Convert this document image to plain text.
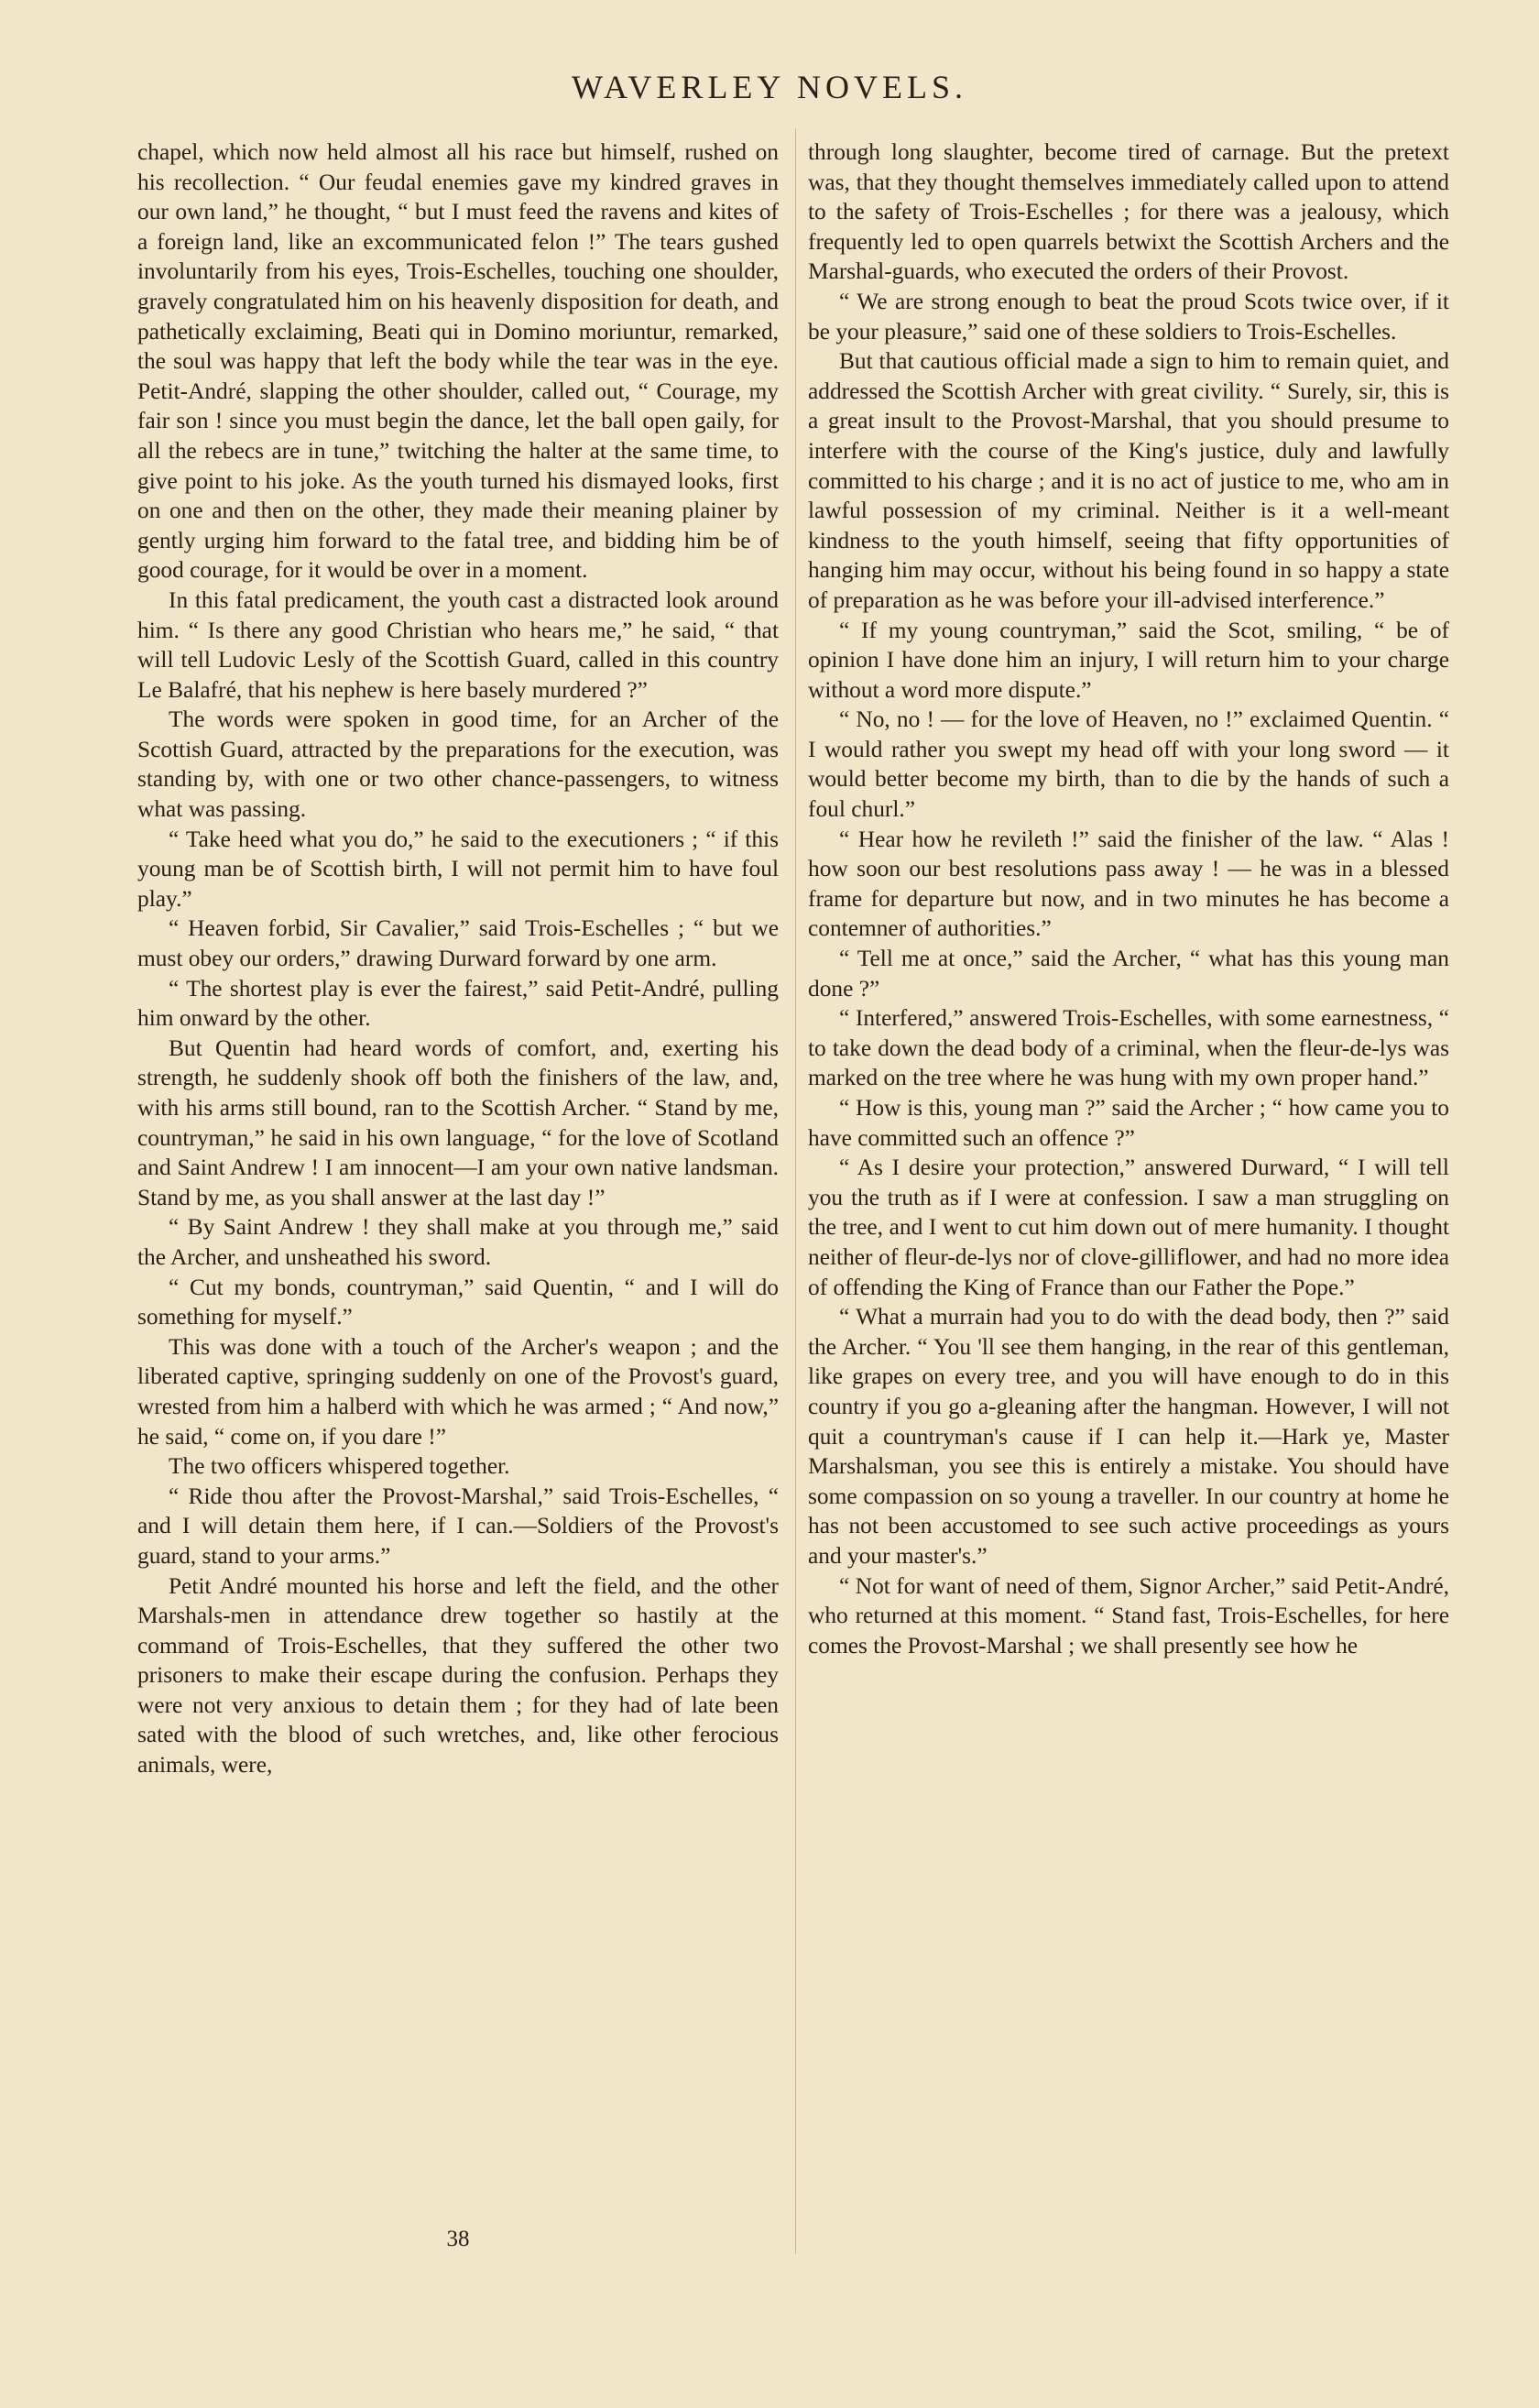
WAVERLEY NOVELS.

chapel, which now held almost all his race but himself, rushed on his recollection. “ Our feudal enemies gave my kindred graves in our own land,” he thought, “ but I must feed the ravens and kites of a foreign land, like an excommunicated felon !” The tears gushed involuntarily from his eyes, Trois-Eschelles, touching one shoulder, gravely congratulated him on his heavenly disposition for death, and pathetically exclaiming, Beati qui in Domino moriuntur, remarked, the soul was happy that left the body while the tear was in the eye. Petit-André, slapping the other shoulder, called out, “ Courage, my fair son ! since you must begin the dance, let the ball open gaily, for all the rebecs are in tune,” twitching the halter at the same time, to give point to his joke. As the youth turned his dismayed looks, first on one and then on the other, they made their meaning plainer by gently urging him forward to the fatal tree, and bidding him be of good courage, for it would be over in a moment.

In this fatal predicament, the youth cast a distracted look around him. “ Is there any good Christian who hears me,” he said, “ that will tell Ludovic Lesly of the Scottish Guard, called in this country Le Balafré, that his nephew is here basely murdered ?”

The words were spoken in good time, for an Archer of the Scottish Guard, attracted by the preparations for the execution, was standing by, with one or two other chance-passengers, to witness what was passing.

“ Take heed what you do,” he said to the executioners ; “ if this young man be of Scottish birth, I will not permit him to have foul play.”

“ Heaven forbid, Sir Cavalier,” said Trois-Eschelles ; “ but we must obey our orders,” drawing Durward forward by one arm.

“ The shortest play is ever the fairest,” said Petit-André, pulling him onward by the other.

But Quentin had heard words of comfort, and, exerting his strength, he suddenly shook off both the finishers of the law, and, with his arms still bound, ran to the Scottish Archer. “ Stand by me, countryman,” he said in his own language, “ for the love of Scotland and Saint Andrew ! I am innocent—I am your own native landsman. Stand by me, as you shall answer at the last day !”

“ By Saint Andrew ! they shall make at you through me,” said the Archer, and unsheathed his sword.

“ Cut my bonds, countryman,” said Quentin, “ and I will do something for myself.”

This was done with a touch of the Archer's weapon ; and the liberated captive, springing suddenly on one of the Provost's guard, wrested from him a halberd with which he was armed ; “ And now,” he said, “ come on, if you dare !”

The two officers whispered together.

“ Ride thou after the Provost-Marshal,” said Trois-Eschelles, “ and I will detain them here, if I can.—Soldiers of the Provost's guard, stand to your arms.”

Petit André mounted his horse and left the field, and the other Marshals-men in attendance drew together so hastily at the command of Trois-Eschelles, that they suffered the other two prisoners to make their escape during the confusion. Perhaps they were not very anxious to detain them ; for they had of late been sated with the blood of such wretches, and, like other ferocious animals, were,

through long slaughter, become tired of carnage. But the pretext was, that they thought themselves immediately called upon to attend to the safety of Trois-Eschelles ; for there was a jealousy, which frequently led to open quarrels betwixt the Scottish Archers and the Marshal-guards, who executed the orders of their Provost.

“ We are strong enough to beat the proud Scots twice over, if it be your pleasure,” said one of these soldiers to Trois-Eschelles.

But that cautious official made a sign to him to remain quiet, and addressed the Scottish Archer with great civility. “ Surely, sir, this is a great insult to the Provost-Marshal, that you should presume to interfere with the course of the King's justice, duly and lawfully committed to his charge ; and it is no act of justice to me, who am in lawful possession of my criminal. Neither is it a well-meant kindness to the youth himself, seeing that fifty opportunities of hanging him may occur, without his being found in so happy a state of preparation as he was before your ill-advised interference.”

“ If my young countryman,” said the Scot, smiling, “ be of opinion I have done him an injury, I will return him to your charge without a word more dispute.”

“ No, no ! — for the love of Heaven, no !” exclaimed Quentin. “ I would rather you swept my head off with your long sword — it would better become my birth, than to die by the hands of such a foul churl.”

“ Hear how he revileth !” said the finisher of the law. “ Alas ! how soon our best resolutions pass away ! — he was in a blessed frame for departure but now, and in two minutes he has become a contemner of authorities.”

“ Tell me at once,” said the Archer, “ what has this young man done ?”

“ Interfered,” answered Trois-Eschelles, with some earnestness, “ to take down the dead body of a criminal, when the fleur-de-lys was marked on the tree where he was hung with my own proper hand.”

“ How is this, young man ?” said the Archer ; “ how came you to have committed such an offence ?”

“ As I desire your protection,” answered Durward, “ I will tell you the truth as if I were at confession. I saw a man struggling on the tree, and I went to cut him down out of mere humanity. I thought neither of fleur-de-lys nor of clove-gilliflower, and had no more idea of offending the King of France than our Father the Pope.”

“ What a murrain had you to do with the dead body, then ?” said the Archer. “ You 'll see them hanging, in the rear of this gentleman, like grapes on every tree, and you will have enough to do in this country if you go a-gleaning after the hangman. However, I will not quit a countryman's cause if I can help it.—Hark ye, Master Marshalsman, you see this is entirely a mistake. You should have some compassion on so young a traveller. In our country at home he has not been accustomed to see such active proceedings as yours and your master's.”

“ Not for want of need of them, Signor Archer,” said Petit-André, who returned at this moment. “ Stand fast, Trois-Eschelles, for here comes the Provost-Marshal ; we shall presently see how he

38
